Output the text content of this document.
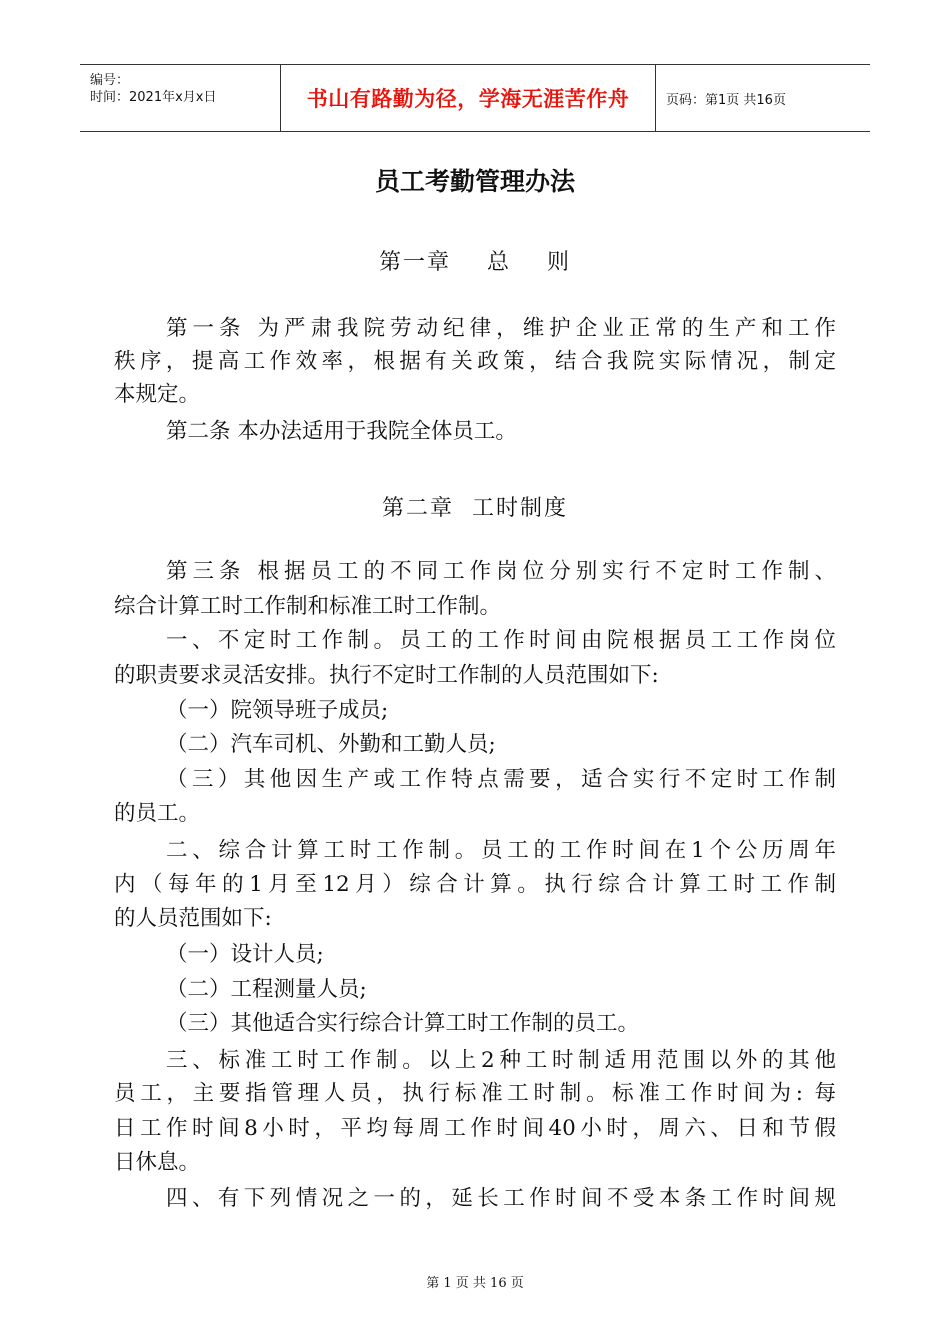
编号：
时间：2021年x月x日	书山有路勤为径，学海无涯苦作舟	页码：第1页 共16页
员工考勤管理办法

第一章    总    则

第一条 为严肃我院劳动纪律，维护企业正常的生产和工作

秩序，提高工作效率，根据有关政策，结合我院实际情况，制定

本规定。

第二条 本办法适用于我院全体员工。

第二章  工时制度

第三条 根据员工的不同工作岗位分别实行不定时工作制、

综合计算工时工作制和标准工时工作制。

一、不定时工作制。员工的工作时间由院根据员工工作岗位

的职责要求灵活安排。执行不定时工作制的人员范围如下:

（一）院领导班子成员;

（二）汽车司机、外勤和工勤人员;

（三）其他因生产或工作特点需要，适合实行不定时工作制

的员工。

二、综合计算工时工作制。员工的工作时间在1个公历周年

内（每年的1月至12月）综合计算。执行综合计算工时工作制

的人员范围如下:

（一）设计人员;

（二）工程测量人员;

（三）其他适合实行综合计算工时工作制的员工。

三、标准工时工作制。以上2种工时制适用范围以外的其他

员工，主要指管理人员，执行标准工时制。标准工作时间为: 每

日工作时间8小时，平均每周工作时间40小时，周六、日和节假

日休息。

四、有下列情况之一的，延长工作时间不受本条工作时间规

第 1 页 共 16 页
